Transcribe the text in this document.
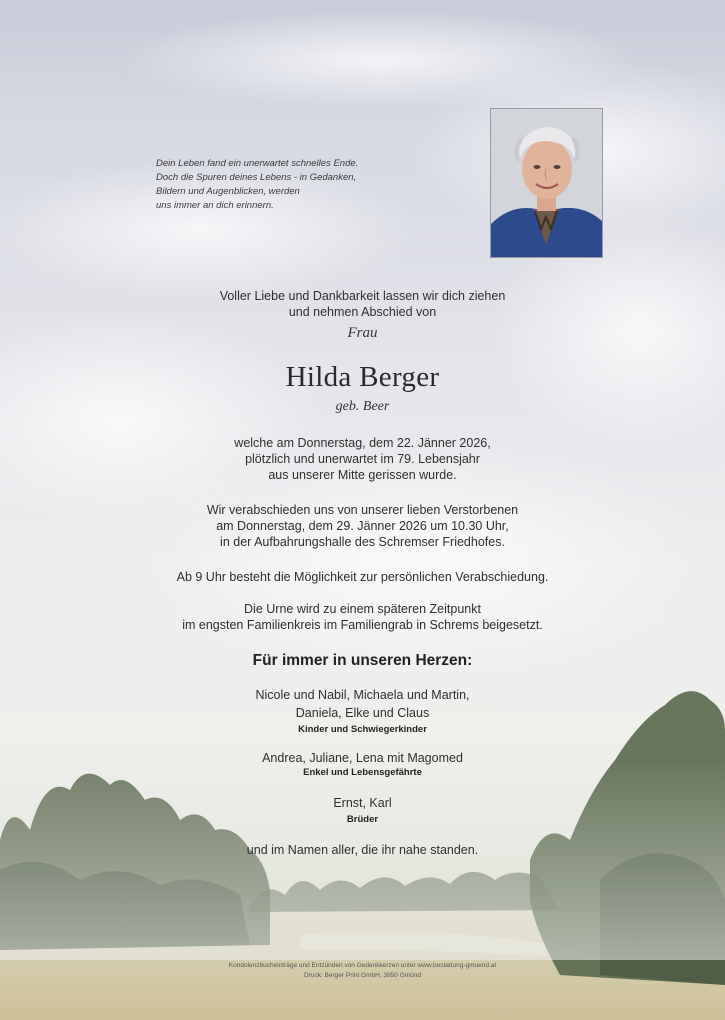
Dein Leben fand ein unerwartet schnelles Ende.
Doch die Spuren deines Lebens - in Gedanken,
Bildern und Augenblicken, werden
uns immer an dich erinnern.
Voller Liebe und Dankbarkeit lassen wir dich ziehen
und nehmen Abschied von
Frau
Hilda Berger
geb. Beer
welche am Donnerstag, dem 22. Jänner 2026,
plötzlich und unerwartet im 79. Lebensjahr
aus unserer Mitte gerissen wurde.
Wir verabschieden uns von unserer lieben Verstorbenen
am Donnerstag, dem 29. Jänner 2026 um 10.30 Uhr,
in der Aufbahrungshalle des Schremser Friedhofes.
Ab 9 Uhr besteht die Möglichkeit zur persönlichen Verabschiedung.
Die Urne wird zu einem späteren Zeitpunkt
im engsten Familienkreis im Familiengrab in Schrems beigesetzt.
Für immer in unseren Herzen:
Nicole und Nabil, Michaela und Martin,
Daniela, Elke und Claus
Kinder und Schwiegerkinder
Andrea, Juliane, Lena mit Magomed
Enkel und Lebensgefährte
Ernst, Karl
Brüder
und im Namen aller, die ihr nahe standen.
Kondolenzbucheinträge und Entzünden von Gedenkkerzen unter www.bestattung-gmuend.at
Druck: Berger Print GmbH, 3950 Gmünd
